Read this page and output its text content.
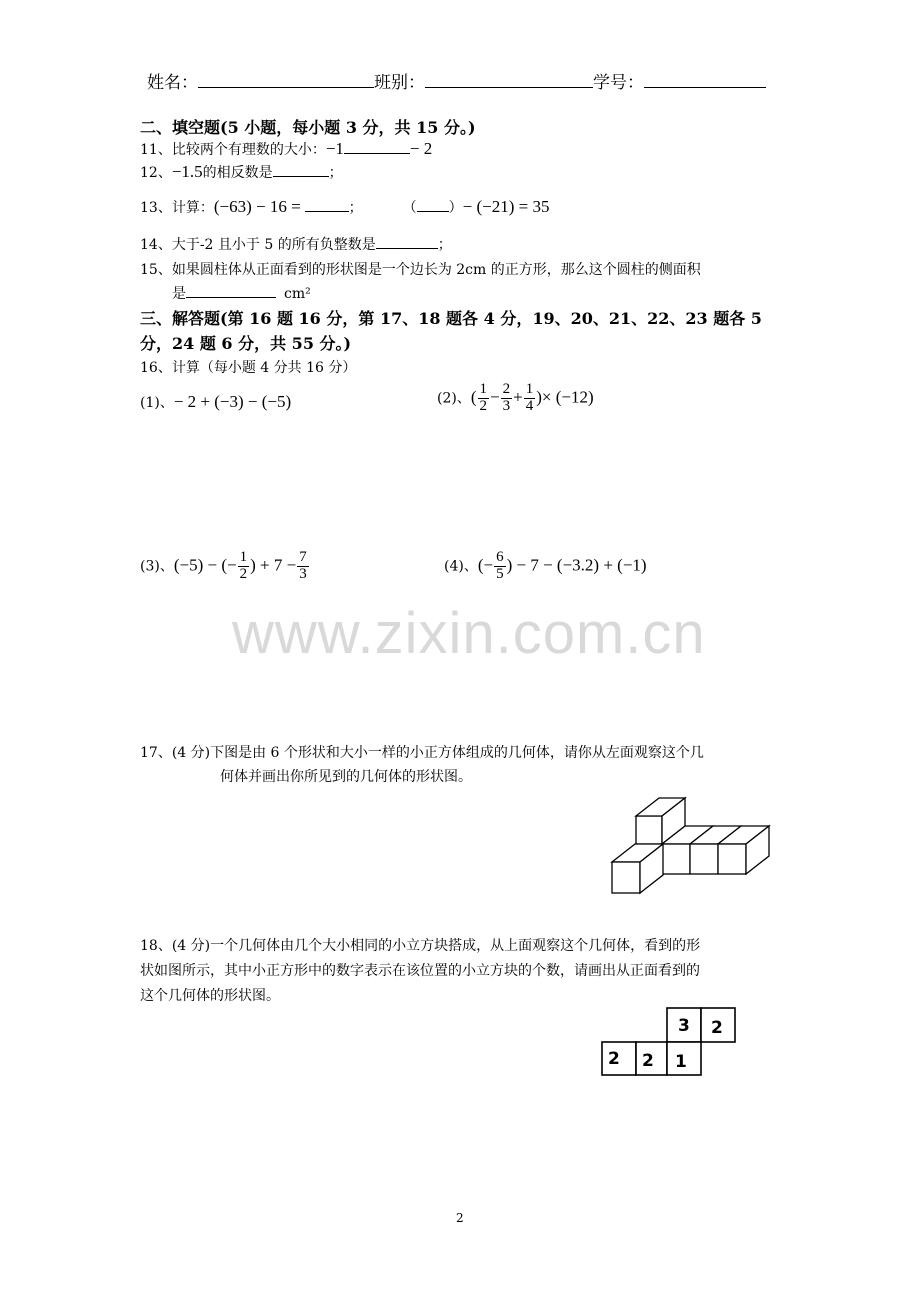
姓名：	班别：	学号：
二、填空题(5 小题，每小题 3 分，共 15 分。)
11、比较两个有理数的大小：−1	− 2
12、−1.5的相反数是	；
13、计算：(−63) − 16 =	；	（ ）− (−21) = 35
14、大于-2 且小于 5 的所有负整数是	；
15、如果圆柱体从正面看到的形状图是一个边长为 2cm 的正方形，那么这个圆柱的侧面积
是	cm²
三、解答题(第 16 题 16 分，第 17、18 题各 4 分，19、20、21、22、23 题各 5
分，24 题 6 分，共 55 分。)
16、计算（每小题 4 分共 16 分）
(1)、− 2 + (−3) − (−5)	(2)、( $\frac{1}{2} - \frac{2}{3} + \frac{1}{4}$ )× (−12)
(3)、(−5) − (− $\frac{1}{2}$ ) + $7 - \frac{7}{3}$	(4)、(− $\frac{6}{5}$ ) − 7 − (−3.2) + (−1)
www.zixin.com.cn
17、(4 分)下图是由 6 个形状和大小一样的小正方体组成的几何体，请你从左面观察这个几
何体并画出你所见到的几何体的形状图。
18、(4 分)一个几何体由几个大小相同的小立方块搭成，从上面观察这个几何体，看到的形
状如图所示，其中小正方形中的数字表示在该位置的小立方块的个数，请画出从正面看到的
这个几何体的形状图。
3 2
2 2 1
2
